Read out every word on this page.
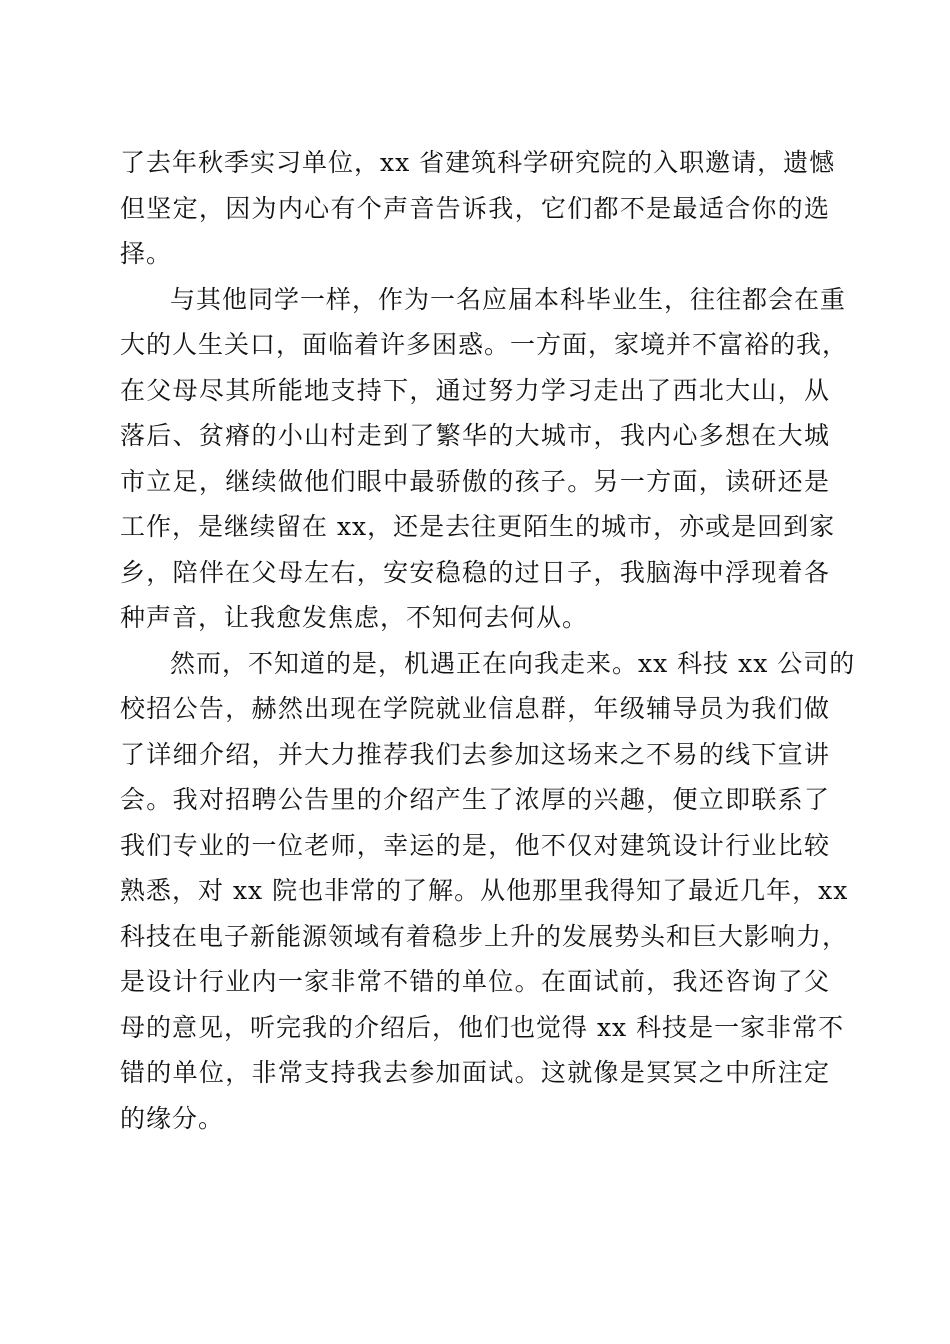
了去年秋季实习单位，xx 省建筑科学研究院的入职邀请，遗憾
但坚定，因为内心有个声音告诉我，它们都不是最适合你的选
择。

与其他同学一样，作为一名应届本科毕业生，往往都会在重
大的人生关口，面临着许多困惑。一方面，家境并不富裕的我，
在父母尽其所能地支持下，通过努力学习走出了西北大山，从
落后、贫瘠的小山村走到了繁华的大城市，我内心多想在大城
市立足，继续做他们眼中最骄傲的孩子。另一方面，读研还是
工作，是继续留在 xx，还是去往更陌生的城市，亦或是回到家
乡，陪伴在父母左右，安安稳稳的过日子，我脑海中浮现着各
种声音，让我愈发焦虑，不知何去何从。

然而，不知道的是，机遇正在向我走来。xx 科技 xx 公司的
校招公告，赫然出现在学院就业信息群，年级辅导员为我们做
了详细介绍，并大力推荐我们去参加这场来之不易的线下宣讲
会。我对招聘公告里的介绍产生了浓厚的兴趣，便立即联系了
我们专业的一位老师，幸运的是，他不仅对建筑设计行业比较
熟悉，对 xx 院也非常的了解。从他那里我得知了最近几年，xx
科技在电子新能源领域有着稳步上升的发展势头和巨大影响力，
是设计行业内一家非常不错的单位。在面试前，我还咨询了父
母的意见，听完我的介绍后，他们也觉得 xx 科技是一家非常不
错的单位，非常支持我去参加面试。这就像是冥冥之中所注定
的缘分。
